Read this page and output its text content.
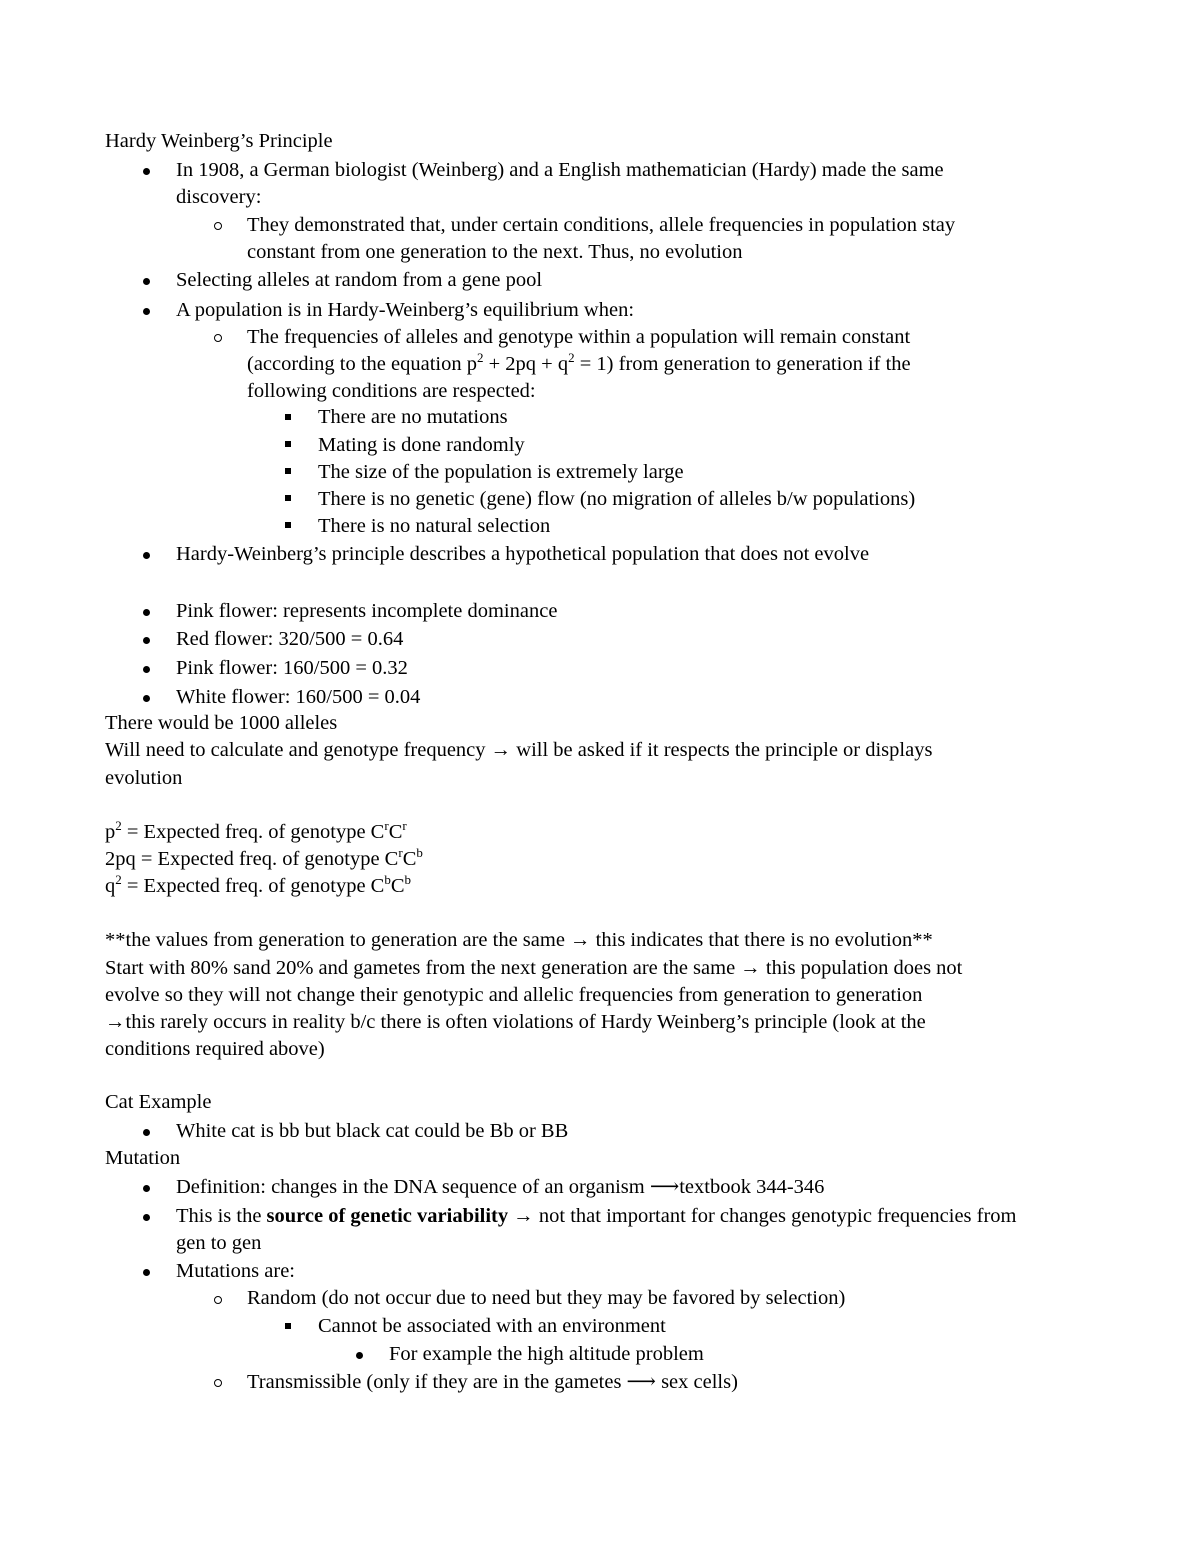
Hardy Weinberg’s Principle
In 1908, a German biologist (Weinberg) and a English mathematician (Hardy) made the same
discovery:
They demonstrated that, under certain conditions, allele frequencies in population stay
constant from one generation to the next. Thus, no evolution
Selecting alleles at random from a gene pool
A population is in Hardy-Weinberg’s equilibrium when:
The frequencies of alleles and genotype within a population will remain constant
(according to the equation $p^2 + 2pq + q^2 = 1$) from generation to generation if the
following conditions are respected:
There are no mutations
Mating is done randomly
The size of the population is extremely large
There is no genetic (gene) flow (no migration of alleles b/w populations)
There is no natural selection
Hardy-Weinberg’s principle describes a hypothetical population that does not evolve
Pink flower: represents incomplete dominance
Red flower: 320/500 = 0.64
Pink flower: 160/500 = 0.32
White flower: 160/500 = 0.04
There would be 1000 alleles
Will need to calculate and genotype frequency → will be asked if it respects the principle or displays
evolution
$p^2$ = Expected freq. of genotype $C^rC^r$
2pq = Expected freq. of genotype $C^rC^b$
$q^2$ = Expected freq. of genotype $C^bC^b$
**the values from generation to generation are the same → this indicates that there is no evolution**
Start with 80% sand 20% and gametes from the next generation are the same → this population does not
evolve so they will not change their genotypic and allelic frequencies from generation to generation
→this rarely occurs in reality b/c there is often violations of Hardy Weinberg’s principle (look at the
conditions required above)
Cat Example
White cat is bb but black cat could be Bb or BB
Mutation
Definition: changes in the DNA sequence of an organism ⟶textbook 344-346
This is the source of genetic variability → not that important for changes genotypic frequencies from
gen to gen
Mutations are:
Random (do not occur due to need but they may be favored by selection)
Cannot be associated with an environment
For example the high altitude problem
Transmissible (only if they are in the gametes ⟶ sex cells)
